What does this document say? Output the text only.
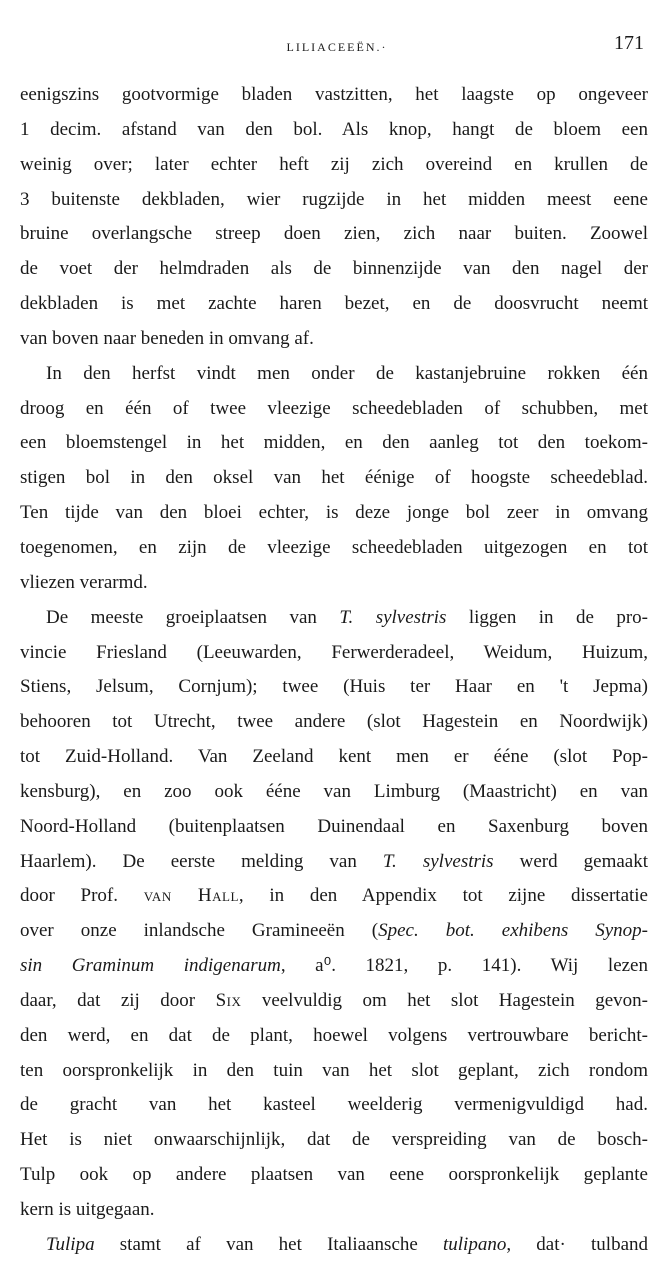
LILIACEEËN.·	171
eenigszins gootvormige bladen vastzitten, het laagste op ongeveer
1 decim. afstand van den bol. Als knop, hangt de bloem een
weinig over; later echter heft zij zich overeind en krullen de
3 buitenste dekbladen, wier rugzijde in het midden meest eene
bruine overlangsche streep doen zien, zich naar buiten. Zoowel
de voet der helmdraden als de binnenzijde van den nagel der
dekbladen is met zachte haren bezet, en de doosvrucht neemt
van boven naar beneden in omvang af.
In den herfst vindt men onder de kastanjebruine rokken één
droog en één of twee vleezige scheedebladen of schubben, met
een bloemstengel in het midden, en den aanleg tot den toekom-
stigen bol in den oksel van het éénige of hoogste scheedeblad.
Ten tijde van den bloei echter, is deze jonge bol zeer in omvang
toegenomen, en zijn de vleezige scheedebladen uitgezogen en tot
vliezen verarmd.
De meeste groeiplaatsen van T. sylvestris liggen in de pro-
vincie Friesland (Leeuwarden, Ferwerderadeel, Weidum, Huizum,
Stiens, Jelsum, Cornjum); twee (Huis ter Haar en 't Jepma)
behooren tot Utrecht, twee andere (slot Hagestein en Noordwijk)
tot Zuid-Holland. Van Zeeland kent men er ééne (slot Pop-
kensburg), en zoo ook ééne van Limburg (Maastricht) en van
Noord-Holland (buitenplaatsen Duinendaal en Saxenburg boven
Haarlem). De eerste melding van T. sylvestris werd gemaakt
door Prof. van Hall, in den Appendix tot zijne dissertatie
over onze inlandsche Gramineeën (Spec. bot. exhibens Synop-
sin Graminum indigenarum, a⁰. 1821, p. 141). Wij lezen
daar, dat zij door Six veelvuldig om het slot Hagestein gevon-
den werd, en dat de plant, hoewel volgens vertrouwbare bericht-
ten oorspronkelijk in den tuin van het slot geplant, zich rondom
de gracht van het kasteel weelderig vermenigvuldigd had.
Het is niet onwaarschijnlijk, dat de verspreiding van de bosch-
Tulp ook op andere plaatsen van eene oorspronkelijk geplante
kern is uitgegaan.
Tulipa stamt af van het Italiaansche tulipano, dat· tulband
